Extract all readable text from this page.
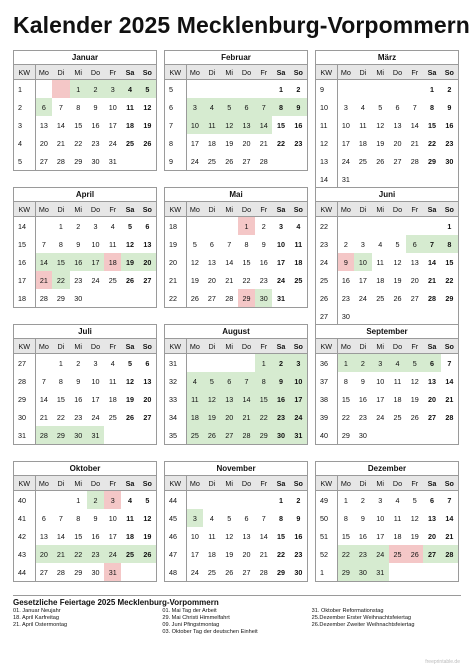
Kalender 2025 Mecklenburg-Vorpommern
Januar
KW	Mo	Di	Mi	Do	Fr	Sa	So
1			1	2	3	4	5
2	6	7	8	9	10	11	12
3	13	14	15	16	17	18	19
4	20	21	22	23	24	25	26
5	27	28	29	30	31		
Februar
KW	Mo	Di	Mi	Do	Fr	Sa	So
5						1	2
6	3	4	5	6	7	8	9
7	10	11	12	13	14	15	16
8	17	18	19	20	21	22	23
9	24	25	26	27	28		
März
KW	Mo	Di	Mi	Do	Fr	Sa	So
9						1	2
10	3	4	5	6	7	8	9
11	10	11	12	13	14	15	16
12	17	18	19	20	21	22	23
13	24	25	26	27	28	29	30
14	31						
April
KW	Mo	Di	Mi	Do	Fr	Sa	So
14		1	2	3	4	5	6
15	7	8	9	10	11	12	13
16	14	15	16	17	18	19	20
17	21	22	23	24	25	26	27
18	28	29	30				
Mai
KW	Mo	Di	Mi	Do	Fr	Sa	So
18				1	2	3	4
19	5	6	7	8	9	10	11
20	12	13	14	15	16	17	18
21	19	20	21	22	23	24	25
22	26	27	28	29	30	31	
Juni
KW	Mo	Di	Mi	Do	Fr	Sa	So
22							1
23	2	3	4	5	6	7	8
24	9	10	11	12	13	14	15
25	16	17	18	19	20	21	22
26	23	24	25	26	27	28	29
27	30						
Juli
KW	Mo	Di	Mi	Do	Fr	Sa	So
27		1	2	3	4	5	6
28	7	8	9	10	11	12	13
29	14	15	16	17	18	19	20
30	21	22	23	24	25	26	27
31	28	29	30	31			
August
KW	Mo	Di	Mi	Do	Fr	Sa	So
31					1	2	3
32	4	5	6	7	8	9	10
33	11	12	13	14	15	16	17
34	18	19	20	21	22	23	24
35	25	26	27	28	29	30	31
September
KW	Mo	Di	Mi	Do	Fr	Sa	So
36	1	2	3	4	5	6	7
37	8	9	10	11	12	13	14
38	15	16	17	18	19	20	21
39	22	23	24	25	26	27	28
40	29	30					
Oktober
KW	Mo	Di	Mi	Do	Fr	Sa	So
40			1	2	3	4	5
41	6	7	8	9	10	11	12
42	13	14	15	16	17	18	19
43	20	21	22	23	24	25	26
44	27	28	29	30	31		
November
KW	Mo	Di	Mi	Do	Fr	Sa	So
44						1	2
45	3	4	5	6	7	8	9
46	10	11	12	13	14	15	16
47	17	18	19	20	21	22	23
48	24	25	26	27	28	29	30
Dezember
KW	Mo	Di	Mi	Do	Fr	Sa	So
49	1	2	3	4	5	6	7
50	8	9	10	11	12	13	14
51	15	16	17	18	19	20	21
52	22	23	24	25	26	27	28
1	29	30	31				
Gesetzliche Feiertage 2025 Mecklenburg-Vorpommern
01. Januar Neujahr
18. April Karfreitag
21. April Ostermontag
01. Mai Tag der Arbeit
29. Mai Christi Himmelfahrt
09. Juni Pfingstmontag
03. Oktober Tag der deutschen Einheit
31. Oktober Reformationstag
25.Dezember Erster Weihnachtsfeiertag
26.Dezember Zweiter Weihnachtsfeiertag
freeprintable.de
